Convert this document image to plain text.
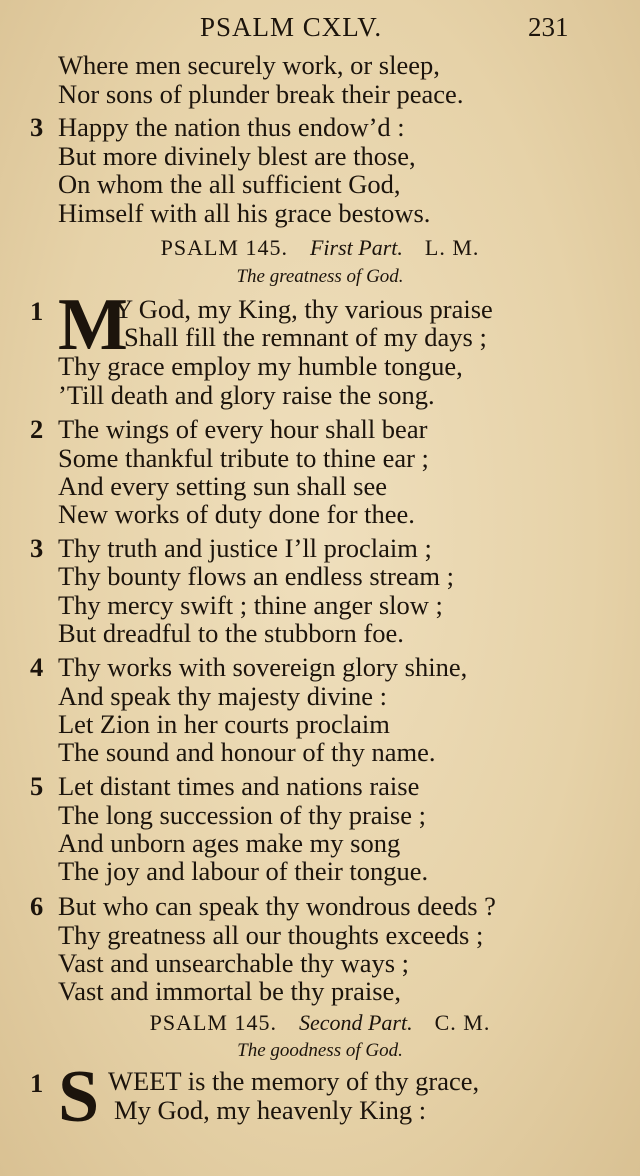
PSALM CXLV.	231
Where men securely work, or sleep,
Nor sons of plunder break their peace.
3 Happy the nation thus endow’d :
But more divinely blest are those,
On whom the all sufficient God,
Himself with all his grace bestows.
PSALM 145. First Part. L. M.
The greatness of God.
1 M
Y God, my King, thy various praise
Shall fill the remnant of my days ;
Thy grace employ my humble tongue,
’Till death and glory raise the song.
2 The wings of every hour shall bear
Some thankful tribute to thine ear ;
And every setting sun shall see
New works of duty done for thee.
3 Thy truth and justice I’ll proclaim ;
Thy bounty flows an endless stream ;
Thy mercy swift ; thine anger slow ;
But dreadful to the stubborn foe.
4 Thy works with sovereign glory shine,
And speak thy majesty divine :
Let Zion in her courts proclaim
The sound and honour of thy name.
5 Let distant times and nations raise
The long succession of thy praise ;
And unborn ages make my song
The joy and labour of their tongue.
6 But who can speak thy wondrous deeds ?
Thy greatness all our thoughts exceeds ;
Vast and unsearchable thy ways ;
Vast and immortal be thy praise,
PSALM 145. Second Part. C. M.
The goodness of God.
1 S WEET is the memory of thy grace,
My God, my heavenly King :
